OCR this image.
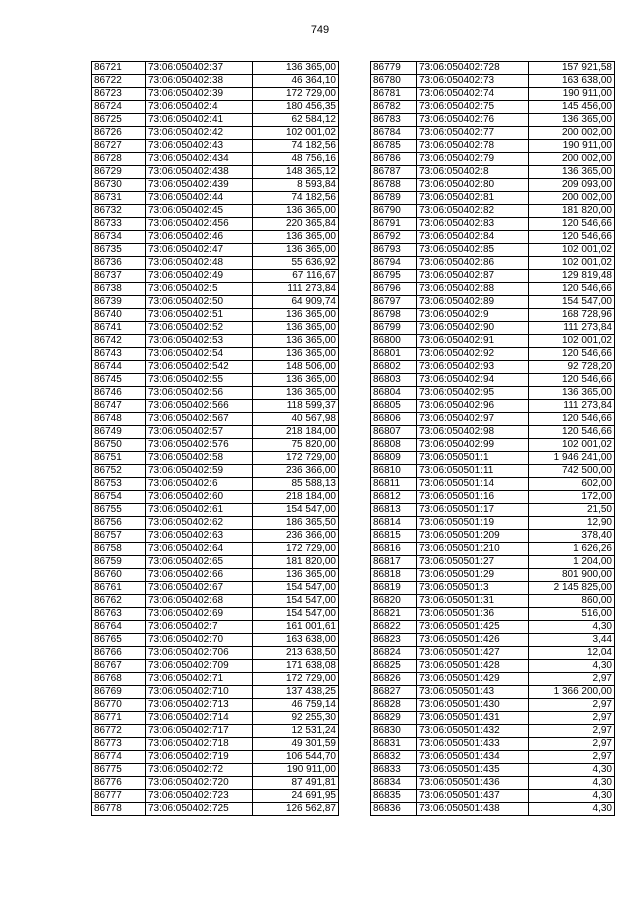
749
86721	73:06:050402:37	136 365,00
86722	73:06:050402:38	46 364,10
86723	73:06:050402:39	172 729,00
86724	73:06:050402:4	180 456,35
86725	73:06:050402:41	62 584,12
86726	73:06:050402:42	102 001,02
86727	73:06:050402:43	74 182,56
86728	73:06:050402:434	48 756,16
86729	73:06:050402:438	148 365,12
86730	73:06:050402:439	8 593,84
86731	73:06:050402:44	74 182,56
86732	73:06:050402:45	136 365,00
86733	73:06:050402:456	220 365,84
86734	73:06:050402:46	136 365,00
86735	73:06:050402:47	136 365,00
86736	73:06:050402:48	55 636,92
86737	73:06:050402:49	67 116,67
86738	73:06:050402:5	111 273,84
86739	73:06:050402:50	64 909,74
86740	73:06:050402:51	136 365,00
86741	73:06:050402:52	136 365,00
86742	73:06:050402:53	136 365,00
86743	73:06:050402:54	136 365,00
86744	73:06:050402:542	148 506,00
86745	73:06:050402:55	136 365,00
86746	73:06:050402:56	136 365,00
86747	73:06:050402:566	118 599,37
86748	73:06:050402:567	40 567,98
86749	73:06:050402:57	218 184,00
86750	73:06:050402:576	75 820,00
86751	73:06:050402:58	172 729,00
86752	73:06:050402:59	236 366,00
86753	73:06:050402:6	85 588,13
86754	73:06:050402:60	218 184,00
86755	73:06:050402:61	154 547,00
86756	73:06:050402:62	186 365,50
86757	73:06:050402:63	236 366,00
86758	73:06:050402:64	172 729,00
86759	73:06:050402:65	181 820,00
86760	73:06:050402:66	136 365,00
86761	73:06:050402:67	154 547,00
86762	73:06:050402:68	154 547,00
86763	73:06:050402:69	154 547,00
86764	73:06:050402:7	161 001,61
86765	73:06:050402:70	163 638,00
86766	73:06:050402:706	213 638,50
86767	73:06:050402:709	171 638,08
86768	73:06:050402:71	172 729,00
86769	73:06:050402:710	137 438,25
86770	73:06:050402:713	46 759,14
86771	73:06:050402:714	92 255,30
86772	73:06:050402:717	12 531,24
86773	73:06:050402:718	49 301,59
86774	73:06:050402:719	106 544,70
86775	73:06:050402:72	190 911,00
86776	73:06:050402:720	87 491,81
86777	73:06:050402:723	24 691,95
86778	73:06:050402:725	126 562,87
86779	73:06:050402:728	157 921,58
86780	73:06:050402:73	163 638,00
86781	73:06:050402:74	190 911,00
86782	73:06:050402:75	145 456,00
86783	73:06:050402:76	136 365,00
86784	73:06:050402:77	200 002,00
86785	73:06:050402:78	190 911,00
86786	73:06:050402:79	200 002,00
86787	73:06:050402:8	136 365,00
86788	73:06:050402:80	209 093,00
86789	73:06:050402:81	200 002,00
86790	73:06:050402:82	181 820,00
86791	73:06:050402:83	120 546,66
86792	73:06:050402:84	120 546,66
86793	73:06:050402:85	102 001,02
86794	73:06:050402:86	102 001,02
86795	73:06:050402:87	129 819,48
86796	73:06:050402:88	120 546,66
86797	73:06:050402:89	154 547,00
86798	73:06:050402:9	168 728,96
86799	73:06:050402:90	111 273,84
86800	73:06:050402:91	102 001,02
86801	73:06:050402:92	120 546,66
86802	73:06:050402:93	92 728,20
86803	73:06:050402:94	120 546,66
86804	73:06:050402:95	136 365,00
86805	73:06:050402:96	111 273,84
86806	73:06:050402:97	120 546,66
86807	73:06:050402:98	120 546,66
86808	73:06:050402:99	102 001,02
86809	73:06:050501:1	1 946 241,00
86810	73:06:050501:11	742 500,00
86811	73:06:050501:14	602,00
86812	73:06:050501:16	172,00
86813	73:06:050501:17	21,50
86814	73:06:050501:19	12,90
86815	73:06:050501:209	378,40
86816	73:06:050501:210	1 626,26
86817	73:06:050501:27	1 204,00
86818	73:06:050501:29	801 900,00
86819	73:06:050501:3	2 145 825,00
86820	73:06:050501:31	860,00
86821	73:06:050501:36	516,00
86822	73:06:050501:425	4,30
86823	73:06:050501:426	3,44
86824	73:06:050501:427	12,04
86825	73:06:050501:428	4,30
86826	73:06:050501:429	2,97
86827	73:06:050501:43	1 366 200,00
86828	73:06:050501:430	2,97
86829	73:06:050501:431	2,97
86830	73:06:050501:432	2,97
86831	73:06:050501:433	2,97
86832	73:06:050501:434	2,97
86833	73:06:050501:435	4,30
86834	73:06:050501:436	4,30
86835	73:06:050501:437	4,30
86836	73:06:050501:438	4,30
